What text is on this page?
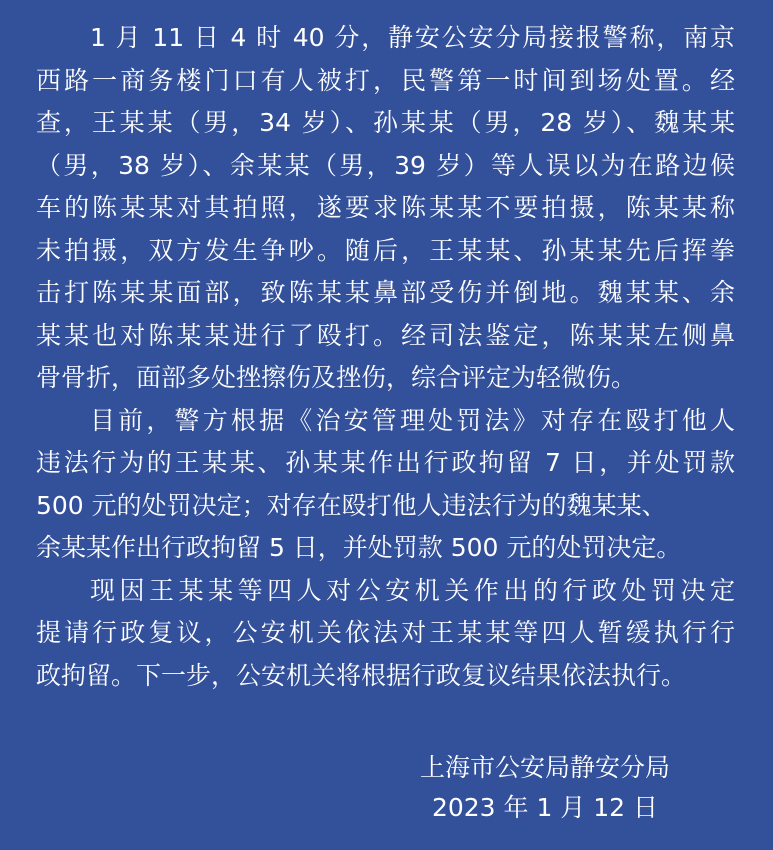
1 月 11 日 4 时 40 分，静安公安分局接报警称，南京
西路一商务楼门口有人被打，民警第一时间到场处置。经
查，王某某（男，34 岁）、孙某某（男，28 岁）、魏某某
（男，38 岁）、余某某（男，39 岁）等人误以为在路边候
车的陈某某对其拍照，遂要求陈某某不要拍摄，陈某某称
未拍摄，双方发生争吵。随后，王某某、孙某某先后挥拳
击打陈某某面部，致陈某某鼻部受伤并倒地。魏某某、余
某某也对陈某某进行了殴打。经司法鉴定，陈某某左侧鼻
骨骨折，面部多处挫擦伤及挫伤，综合评定为轻微伤。
目前，警方根据《治安管理处罚法》对存在殴打他人
违法行为的王某某、孙某某作出行政拘留 7 日，并处罚款
500 元的处罚决定；对存在殴打他人违法行为的魏某某、
余某某作出行政拘留 5 日，并处罚款 500 元的处罚决定。
现因王某某等四人对公安机关作出的行政处罚决定
提请行政复议，公安机关依法对王某某等四人暂缓执行行
政拘留。下一步，公安机关将根据行政复议结果依法执行。
上海市公安局静安分局
2023 年 1 月 12 日
